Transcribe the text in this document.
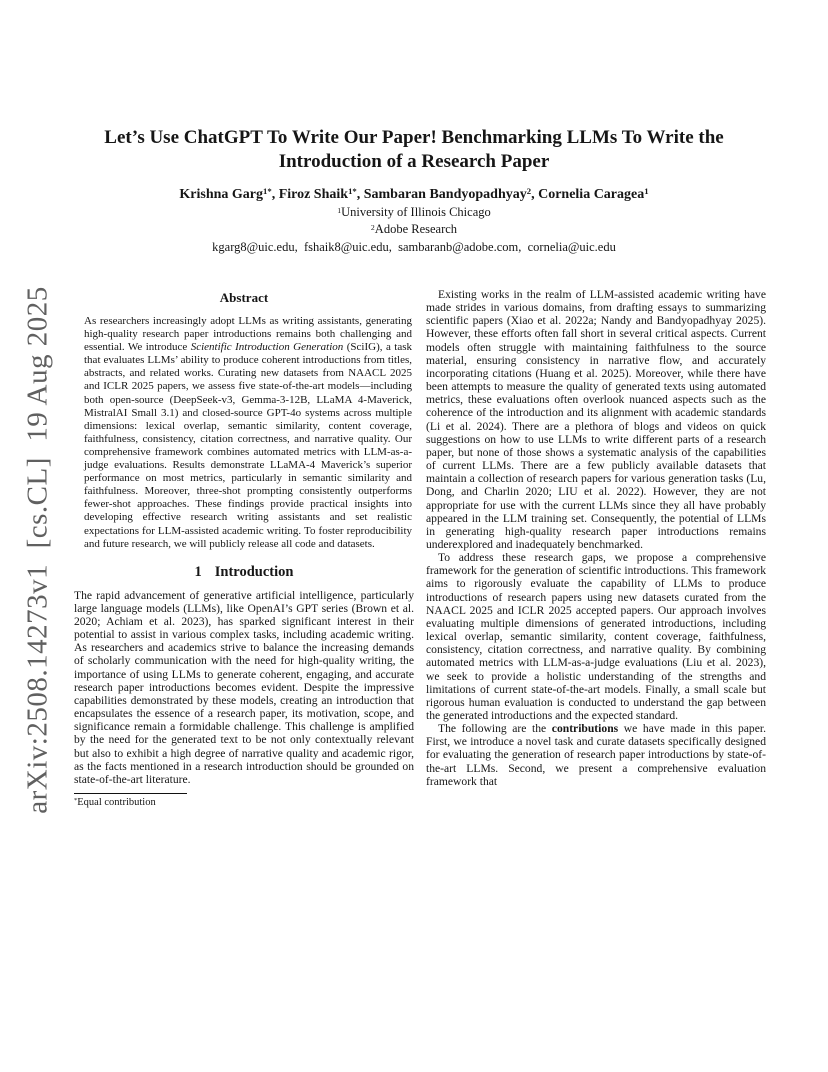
arXiv:2508.14273v1  [cs.CL]  19 Aug 2025
Let’s Use ChatGPT To Write Our Paper! Benchmarking LLMs To Write the Introduction of a Research Paper
Krishna Garg$^{1*}$, Firoz Shaik$^{1*}$, Sambaran Bandyopadhyay$^2$, Cornelia Caragea$^1$
$^1$University of Illinois Chicago
$^2$Adobe Research
kgarg8@uic.edu,  fshaik8@uic.edu,  sambaranb@adobe.com,  cornelia@uic.edu
Abstract
As researchers increasingly adopt LLMs as writing assistants, generating high-quality research paper introductions remains both challenging and essential. We introduce Scientific Introduction Generation (SciIG), a task that evaluates LLMs’ ability to produce coherent introductions from titles, abstracts, and related works. Curating new datasets from NAACL 2025 and ICLR 2025 papers, we assess five state-of-the-art models—including both open-source (DeepSeek-v3, Gemma-3-12B, LLaMA 4-Maverick, MistralAI Small 3.1) and closed-source GPT-4o systems across multiple dimensions: lexical overlap, semantic similarity, content coverage, faithfulness, consistency, citation correctness, and narrative quality. Our comprehensive framework combines automated metrics with LLM-as-a-judge evaluations. Results demonstrate LLaMA-4 Maverick’s superior performance on most metrics, particularly in semantic similarity and faithfulness. Moreover, three-shot prompting consistently outperforms fewer-shot approaches. These findings provide practical insights into developing effective research writing assistants and set realistic expectations for LLM-assisted academic writing. To foster reproducibility and future research, we will publicly release all code and datasets.
1 Introduction

The rapid advancement of generative artificial intelligence, particularly large language models (LLMs), like OpenAI’s GPT series (Brown et al. 2020; Achiam et al. 2023), has sparked significant interest in their potential to assist in various complex tasks, including academic writing. As researchers and academics strive to balance the increasing demands of scholarly communication with the need for high-quality writing, the importance of using LLMs to generate coherent, engaging, and accurate research paper introductions becomes evident. Despite the impressive capabilities demonstrated by these models, creating an introduction that encapsulates the essence of a research paper, its motivation, scope, and significance remain a formidable challenge. This challenge is amplified by the need for the generated text to be not only contextually relevant but also to exhibit a high degree of narrative quality and academic rigor, as the facts mentioned in a research introduction should be grounded on state-of-the-art literature.

*Equal contribution

Existing works in the realm of LLM-assisted academic writing have made strides in various domains, from drafting essays to summarizing scientific papers (Xiao et al. 2022a; Nandy and Bandyopadhyay 2025). However, these efforts often fall short in several critical aspects. Current models often struggle with maintaining faithfulness to the source material, ensuring consistency in narrative flow, and accurately incorporating citations (Huang et al. 2025). Moreover, while there have been attempts to measure the quality of generated texts using automated metrics, these evaluations often overlook nuanced aspects such as the coherence of the introduction and its alignment with academic standards (Li et al. 2024). There are a plethora of blogs and videos on quick suggestions on how to use LLMs to write different parts of a research paper, but none of those shows a systematic analysis of the capabilities of current LLMs. There are a few publicly available datasets that maintain a collection of research papers for various generation tasks (Lu, Dong, and Charlin 2020; LIU et al. 2022). However, they are not appropriate for use with the current LLMs since they all have probably appeared in the LLM training set. Consequently, the potential of LLMs in generating high-quality research paper introductions remains underexplored and inadequately benchmarked.

To address these research gaps, we propose a comprehensive framework for the generation of scientific introductions. This framework aims to rigorously evaluate the capability of LLMs to produce introductions of research papers using new datasets curated from the NAACL 2025 and ICLR 2025 accepted papers. Our approach involves evaluating multiple dimensions of generated introductions, including lexical overlap, semantic similarity, content coverage, faithfulness, consistency, citation correctness, and narrative quality. By combining automated metrics with LLM-as-a-judge evaluations (Liu et al. 2023), we seek to provide a holistic understanding of the strengths and limitations of current state-of-the-art models. Finally, a small scale but rigorous human evaluation is conducted to understand the gap between the generated introductions and the expected standard.

The following are the contributions we have made in this paper. First, we introduce a novel task and curate datasets specifically designed for evaluating the generation of research paper introductions by state-of-the-art LLMs. Second, we present a comprehensive evaluation framework that
